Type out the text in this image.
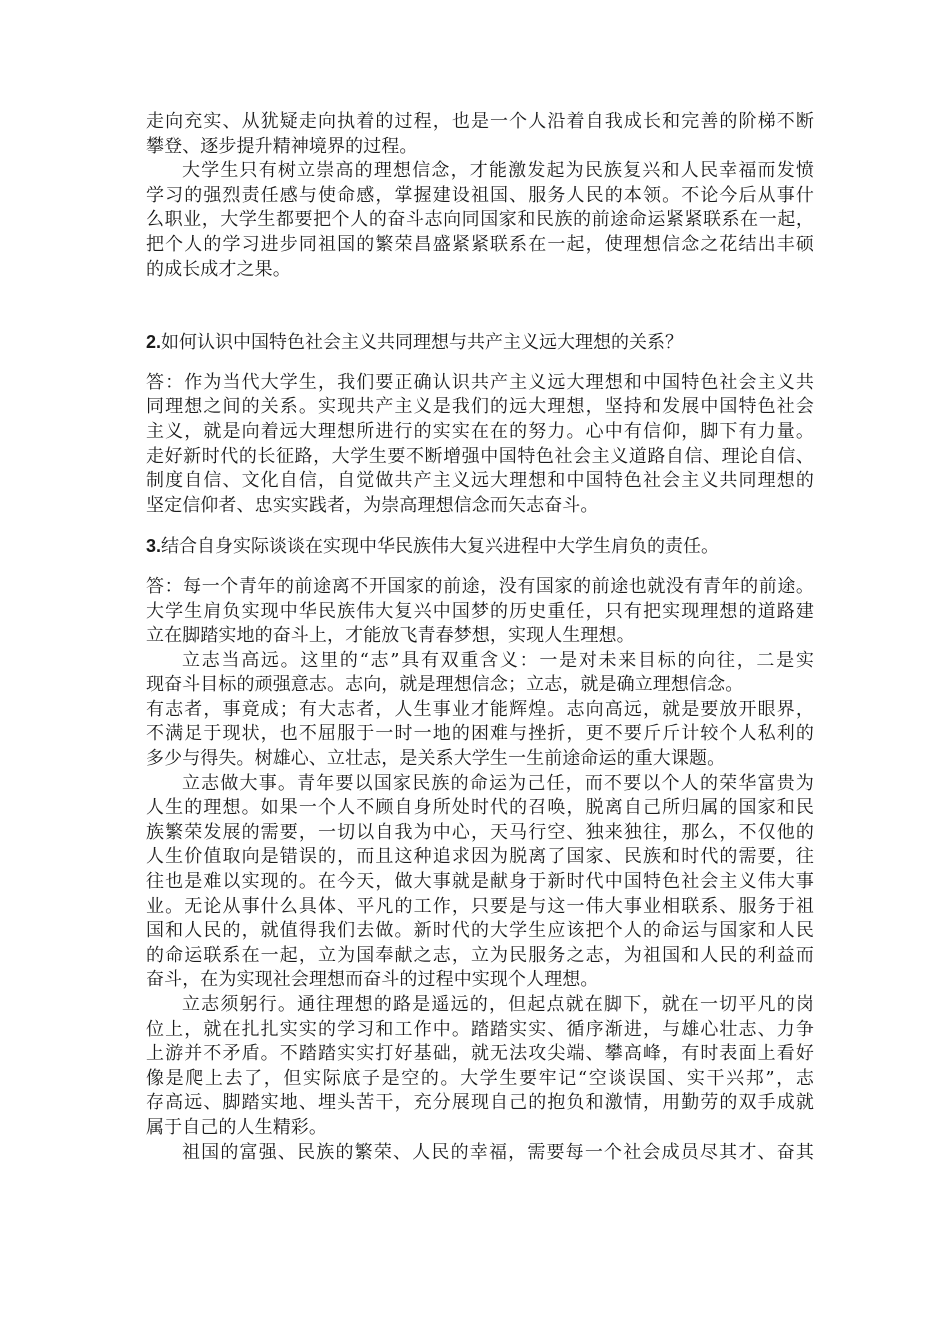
走向充实、从犹疑走向执着的过程，也是一个人沿着自我成长和完善的阶梯不断
攀登、逐步提升精神境界的过程。
大学生只有树立崇高的理想信念，才能激发起为民族复兴和人民幸福而发愤
学习的强烈责任感与使命感，掌握建设祖国、服务人民的本领。不论今后从事什
么职业，大学生都要把个人的奋斗志向同国家和民族的前途命运紧紧联系在一起，
把个人的学习进步同祖国的繁荣昌盛紧紧联系在一起，使理想信念之花结出丰硕
的成长成才之果。
2.如何认识中国特色社会主义共同理想与共产主义远大理想的关系？
答：作为当代大学生，我们要正确认识共产主义远大理想和中国特色社会主义共
同理想之间的关系。实现共产主义是我们的远大理想，坚持和发展中国特色社会
主义，就是向着远大理想所进行的实实在在的努力。心中有信仰，脚下有力量。
走好新时代的长征路，大学生要不断增强中国特色社会主义道路自信、理论自信、
制度自信、文化自信，自觉做共产主义远大理想和中国特色社会主义共同理想的
坚定信仰者、忠实实践者，为崇高理想信念而矢志奋斗。
3.结合自身实际谈谈在实现中华民族伟大复兴进程中大学生肩负的责任。
答：每一个青年的前途离不开国家的前途，没有国家的前途也就没有青年的前途。
大学生肩负实现中华民族伟大复兴中国梦的历史重任，只有把实现理想的道路建
立在脚踏实地的奋斗上，才能放飞青春梦想，实现人生理想。
立志当高远。这里的“志”具有双重含义：一是对未来目标的向往，二是实
现奋斗目标的顽强意志。志向，就是理想信念；立志，就是确立理想信念。
有志者，事竟成；有大志者，人生事业才能辉煌。志向高远，就是要放开眼界，
不满足于现状，也不屈服于一时一地的困难与挫折，更不要斤斤计较个人私利的
多少与得失。树雄心、立壮志，是关系大学生一生前途命运的重大课题。
立志做大事。青年要以国家民族的命运为己任，而不要以个人的荣华富贵为
人生的理想。如果一个人不顾自身所处时代的召唤，脱离自己所归属的国家和民
族繁荣发展的需要，一切以自我为中心，天马行空、独来独往，那么，不仅他的
人生价值取向是错误的，而且这种追求因为脱离了国家、民族和时代的需要，往
往也是难以实现的。在今天，做大事就是献身于新时代中国特色社会主义伟大事
业。无论从事什么具体、平凡的工作，只要是与这一伟大事业相联系、服务于祖
国和人民的，就值得我们去做。新时代的大学生应该把个人的命运与国家和人民
的命运联系在一起，立为国奉献之志，立为民服务之志，为祖国和人民的利益而
奋斗，在为实现社会理想而奋斗的过程中实现个人理想。
立志须躬行。通往理想的路是遥远的，但起点就在脚下，就在一切平凡的岗
位上，就在扎扎实实的学习和工作中。踏踏实实、循序渐进，与雄心壮志、力争
上游并不矛盾。不踏踏实实打好基础，就无法攻尖端、攀高峰，有时表面上看好
像是爬上去了，但实际底子是空的。大学生要牢记“空谈误国、实干兴邦”，志
存高远、脚踏实地、埋头苦干，充分展现自己的抱负和激情，用勤劳的双手成就
属于自己的人生精彩。
祖国的富强、民族的繁荣、人民的幸福，需要每一个社会成员尽其才、奋其
